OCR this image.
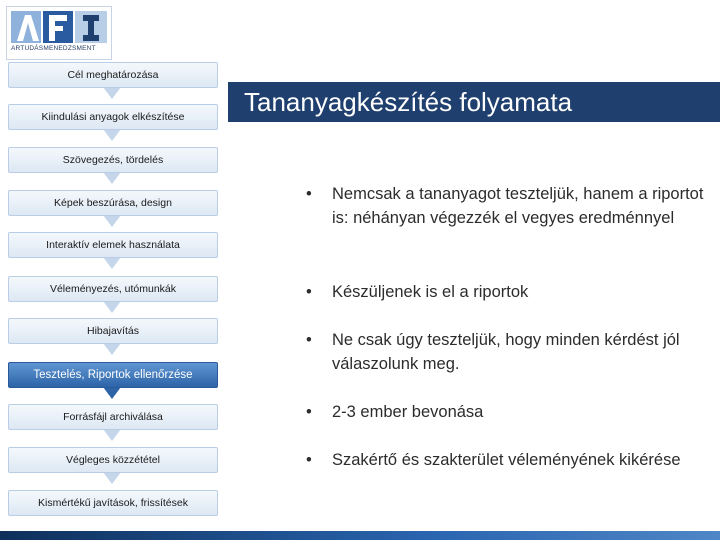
ARTUDÁSMENEDZSMENT
Cél meghatározása
Kiindulási anyagok elkészítése
Szövegezés, tördelés
Képek beszúrása, design
Interaktív elemek használata
Véleményezés, utómunkák
Hibajavítás
Tesztelés, Riportok ellenőrzése
Forrásfájl archiválása
Végleges közzététel
Kismértékű javítások, frissítések
Tananyagkészítés folyamata
• Nemcsak a tananyagot teszteljük, hanem a riportot is: néhányan végezzék el vegyes eredménnyel
• Készüljenek is el a riportok
• Ne csak úgy teszteljük, hogy minden kérdést jól válaszolunk meg.
• 2-3 ember bevonása
• Szakértő és szakterület véleményének kikérése
